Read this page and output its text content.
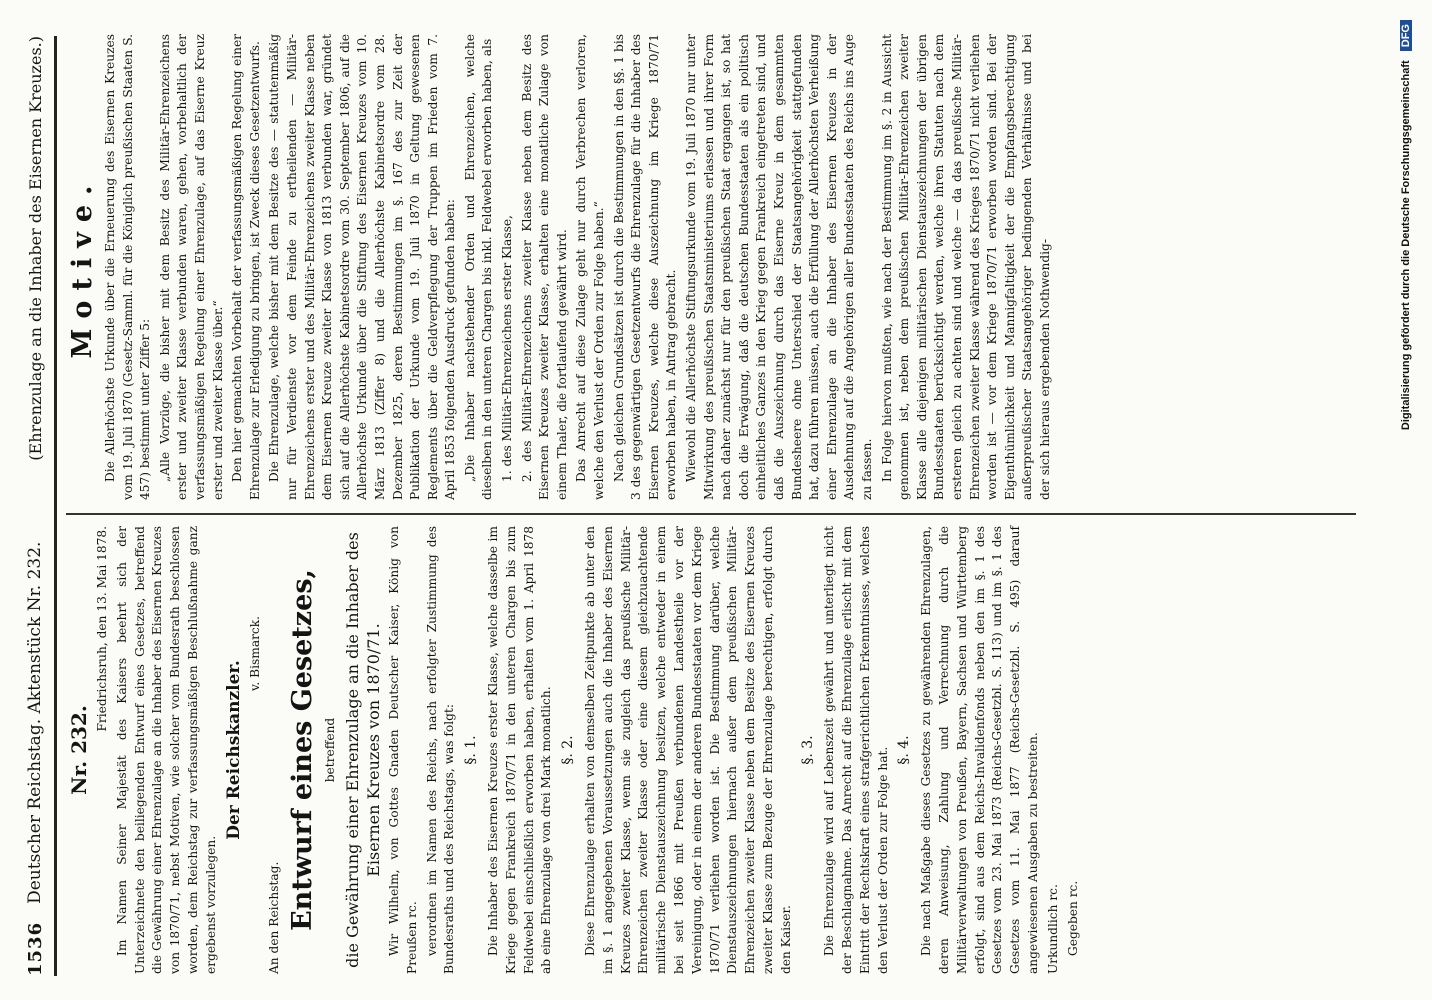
1536
Deutscher Reichstag. Aktenstück Nr. 232.
(Ehrenzulage an die Inhaber des Eisernen Kreuzes.)

Nr. 232.

Friedrichsruh, den 13. Mai 1878. Im Namen Seiner Majestät des Kaisers beehrt sich der Unterzeichnete den beiliegenden Entwurf eines Gesetzes, betreffend die Gewährung einer Ehrenzulage an die Inhaber des Eisernen Kreuzes von 1870/71, nebst Motiven, wie solcher vom Bundesrath beschlossen worden, dem Reichstag zur verfassungsmäßigen Beschlußnahme ganz ergebenst vorzulegen.

Der Reichskanzler.

v. Bismarck.

An den Reichstag. Entwurf eines Gesetzes, betreffend die Gewährung einer Ehrenzulage an die Inhaber des Eisernen Kreuzes von 1870/71. Wir Wilhelm, von Gottes Gnaden Deutscher Kaiser, König von Preußen rc. verordnen im Namen des Reichs, nach erfolgter Zustimmung des Bundesraths und des Reichstags, was folgt: §. 1. Die Inhaber des Eisernen Kreuzes erster Klasse, welche dasselbe im Kriege gegen Frankreich 1870/71 in den unteren Chargen bis zum Feldwebel einschließlich erworben haben, erhalten vom 1. April 1878 ab eine Ehrenzulage von drei Mark monatlich. §. 2. Diese Ehrenzulage erhalten von demselben Zeitpunkte ab unter den im §. 1 angegebenen Voraussetzungen auch die Inhaber des Eisernen Kreuzes zweiter Klasse, wenn sie zugleich das preußische Militär-Ehrenzeichen zweiter Klasse oder eine diesem gleichzuachtende militärische Dienstauszeichnung besitzen, welche entweder in einem bei seit 1866 mit Preußen verbundenen Landestheile vor der Vereinigung, oder in einem der anderen Bundesstaaten vor dem Kriege 1870/71 verliehen worden ist. Die Bestimmung darüber, welche Dienstauszeichnungen hiernach außer dem preußischen Militär-Ehrenzeichen zweiter Klasse neben dem Besitze des Eisernen Kreuzes zweiter Klasse zum Bezuge der Ehrenzulage berechtigen, erfolgt durch den Kaiser.

§. 3. Die Ehrenzulage wird auf Lebenszeit gewährt und unterliegt nicht der Beschlagnahme. Das Anrecht auf die Ehrenzulage erlischt mit dem Eintritt der Rechtskraft eines strafgerichtlichen Erkenntnisses, welches den Verlust der Orden zur Folge hat. §. 4. Die nach Maßgabe dieses Gesetzes zu gewährenden Ehrenzulagen, deren Anweisung, Zahlung und Verrechnung durch die Militärverwaltungen von Preußen, Bayern, Sachsen und Württemberg erfolgt, sind aus dem Reichs-Invalidenfonds neben den im §. 1 des Gesetzes vom 23. Mai 1873 (Reichs-Gesetzbl. S. 113) und im §. 1 des Gesetzes vom 11. Mai 1877 (Reichs-Gesetzbl. S. 495) darauf angewiesenen Ausgaben zu bestreiten. Urkundlich rc. Gegeben rc.

Motive. Die Allerhöchste Urkunde über die Erneuerung des Eisernen Kreuzes vom 19. Juli 1870 (Gesetz-Samml. für die Königlich preußischen Staaten S. 457) bestimmt unter Ziffer 5: „Alle Vorzüge, die bisher mit dem Besitz des Militär-Ehrenzeichens erster und zweiter Klasse verbunden waren, gehen, vorbehaltlich der verfassungsmäßigen Regelung einer Ehrenzulage, auf das Eiserne Kreuz erster und zweiter Klasse über.“ Den hier gemachten Vorbehalt der verfassungsmäßigen Regelung einer Ehrenzulage zur Erledigung zu bringen, ist Zweck dieses Gesetzentwurfs. Die Ehrenzulage, welche bisher mit dem Besitze des — statutenmäßig nur für Verdienste vor dem Feinde zu ertheilenden — Militär-Ehrenzeichens erster und des Militär-Ehrenzeichens zweiter Klasse neben dem Eisernen Kreuze zweiter Klasse von 1813 verbunden war, gründet sich auf die Allerhöchste Kabinetsordre vom 30. September 1806, auf die Allerhöchste Urkunde über die Stiftung des Eisernen Kreuzes vom 10. März 1813 (Ziffer 8) und die Allerhöchste Kabinetsordre vom 28. Dezember 1825, deren Bestimmungen im §. 167 des zur Zeit der Publikation der Urkunde vom 19. Juli 1870 in Geltung gewesenen Reglements über die Geldverpflegung der Truppen im Frieden vom 7. April 1853 folgenden Ausdruck gefunden haben: „Die Inhaber nachstehender Orden und Ehrenzeichen, welche dieselben in den unteren Chargen bis inkl. Feldwebel erworben haben, als 1. des Militär-Ehrenzeichens erster Klasse, 2. des Militär-Ehrenzeichens zweiter Klasse neben dem Besitz des Eisernen Kreuzes zweiter Klasse, erhalten eine monatliche Zulage von einem Thaler, die fortlaufend gewährt wird. Das Anrecht auf diese Zulage geht nur durch Verbrechen verloren, welche den Verlust der Orden zur Folge haben.“ Nach gleichen Grundsätzen ist durch die Bestimmungen in den §§. 1 bis 3 des gegenwärtigen Gesetzentwurfs die Ehrenzulage für die Inhaber des Eisernen Kreuzes, welche diese Auszeichnung im Kriege 1870/71 erworben haben, in Antrag gebracht. Wiewohl die Allerhöchste Stiftungsurkunde vom 19. Juli 1870 nur unter Mitwirkung des preußischen Staatsministeriums erlassen und ihrer Form nach daher zunächst nur für den preußischen Staat ergangen ist, so hat doch die Erwägung, daß die deutschen Bundesstaaten als ein politisch einheitliches Ganzes in den Krieg gegen Frankreich eingetreten sind, und daß die Auszeichnung durch das Eiserne Kreuz in dem gesammten Bundesheere ohne Unterschied der Staatsangehörigkeit stattgefunden hat, dazu führen müssen, auch die Erfüllung der Allerhöchsten Verheißung einer Ehrenzulage an die Inhaber des Eisernen Kreuzes in der Ausdehnung auf die Angehörigen aller Bundesstaaten des Reichs ins Auge zu fassen. In Folge hiervon mußten, wie nach der Bestimmung im §. 2 in Aussicht genommen ist, neben dem preußischen Militär-Ehrenzeichen zweiter Klasse alle diejenigen militärischen Dienstauszeichnungen der übrigen Bundesstaaten berücksichtigt werden, welche ihren Statuten nach dem ersteren gleich zu achten sind und welche — da das preußische Militär-Ehrenzeichen zweiter Klasse während des Krieges 1870/71 nicht verliehen worden ist — vor dem Kriege 1870/71 erworben worden sind. Bei der Eigenthümlichkeit und Mannigfaltigkeit der die Empfangsberechtigung außerpreußischer Staatsangehöriger bedingenden Verhältnisse und bei der sich hieraus ergebenden Nothwendig-	Digitalisierung gefördert durch die Deutsche Forschungsgemeinschaft DFG
